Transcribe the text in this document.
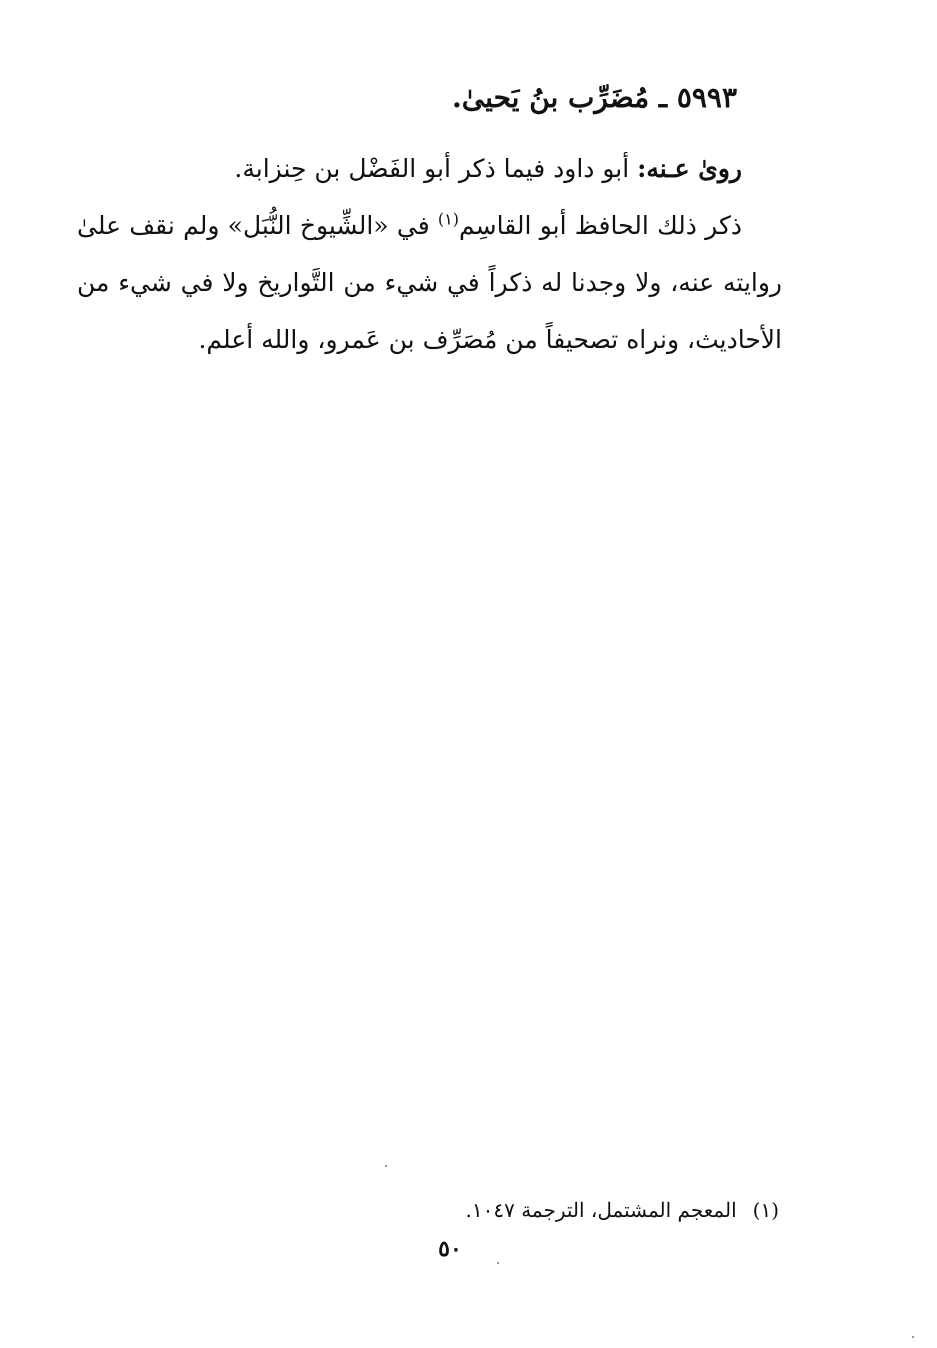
٥٩٩٣ ـ مُضَرِّب بنُ يَحيىٰ.

رویٰ عـنه: أبو داود فيما ذكر أبو الفَضْل بن حِنزابة.

ذكر ذلك الحافظ أبو القاسِم$^{(١)}$ في «الشِّيوخ النُّبَل» ولم نقف علىٰ روايته عنه، ولا وجدنا له ذكراً في شيء من التَّواريخ ولا في شيء من الأحاديث، ونراه تصحيفاً من مُصَرِّف بن عَمرو، والله أعلم.

(١)المعجم المشتمل، الترجمة ١٠٤٧.
٥٠
